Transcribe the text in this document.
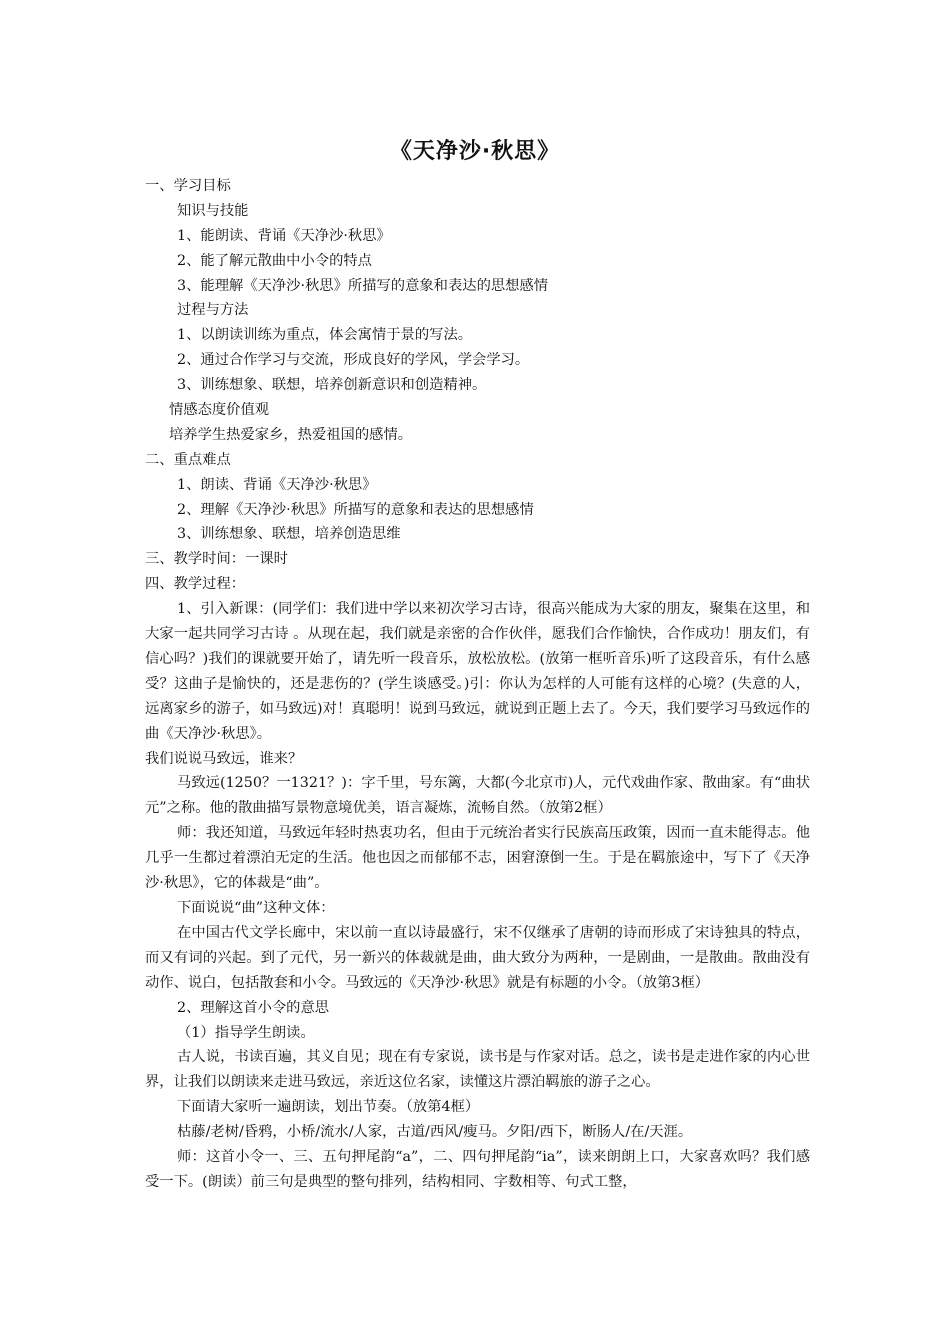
《天净沙·秋思》
一、学习目标
知识与技能
1、能朗读、背诵《天净沙·秋思》
2、能了解元散曲中小令的特点
3、能理解《天净沙·秋思》所描写的意象和表达的思想感情
过程与方法
1、以朗读训练为重点，体会寓情于景的写法。
2、通过合作学习与交流，形成良好的学风，学会学习。
3、训练想象、联想，培养创新意识和创造精神。
情感态度价值观
培养学生热爱家乡，热爱祖国的感情。
二、重点难点
1、朗读、背诵《天净沙·秋思》
2、理解《天净沙·秋思》所描写的意象和表达的思想感情
3、训练想象、联想，培养创造思维
三、教学时间：一课时
四、教学过程：
1、引入新课：(同学们：我们进中学以来初次学习古诗，很高兴能成为大家的朋友，聚集在这里，和大家一起共同学习古诗 。从现在起，我们就是亲密的合作伙伴，愿我们合作愉快，合作成功！朋友们，有信心吗？)我们的课就要开始了，请先听一段音乐，放松放松。(放第一框听音乐)听了这段音乐，有什么感受？这曲子是愉快的，还是悲伤的？(学生谈感受。)引：你认为怎样的人可能有这样的心境？(失意的人，远离家乡的游子，如马致远)对！真聪明！说到马致远，就说到正题上去了。今天，我们要学习马致远作的曲《天净沙·秋思》。
我们说说马致远，谁来？
马致远(1250？一1321？)：字千里，号东篱，大都(今北京市)人，元代戏曲作家、散曲家。有“曲状元”之称。他的散曲描写景物意境优美，语言凝炼，流畅自然。（放第2框）
师：我还知道，马致远年轻时热衷功名，但由于元统治者实行民族高压政策，因而一直未能得志。他几乎一生都过着漂泊无定的生活。他也因之而郁郁不志，困窘潦倒一生。于是在羁旅途中，写下了《天净沙·秋思》，它的体裁是“曲”。
下面说说“曲”这种文体：
在中国古代文学长廊中，宋以前一直以诗最盛行，宋不仅继承了唐朝的诗而形成了宋诗独具的特点，而又有词的兴起。到了元代，另一新兴的体裁就是曲，曲大致分为两种，一是剧曲，一是散曲。散曲没有动作、说白，包括散套和小令。马致远的《天净沙·秋思》就是有标题的小令。（放第3框）
2、理解这首小令的意思
（1）指导学生朗读。
古人说，书读百遍，其义自见；现在有专家说，读书是与作家对话。总之，读书是走进作家的内心世界，让我们以朗读来走进马致远，亲近这位名家，读懂这片漂泊羁旅的游子之心。
下面请大家听一遍朗读，划出节奏。（放第4框）
枯藤/老树/昏鸦，小桥/流水/人家，古道/西风/瘦马。夕阳/西下，断肠人/在/天涯。
师：这首小令一、三、五句押尾韵“a”，二、四句押尾韵“ia”，读来朗朗上口，大家喜欢吗？我们感受一下。(朗读）前三句是典型的整句排列，结构相同、字数相等、句式工整，
